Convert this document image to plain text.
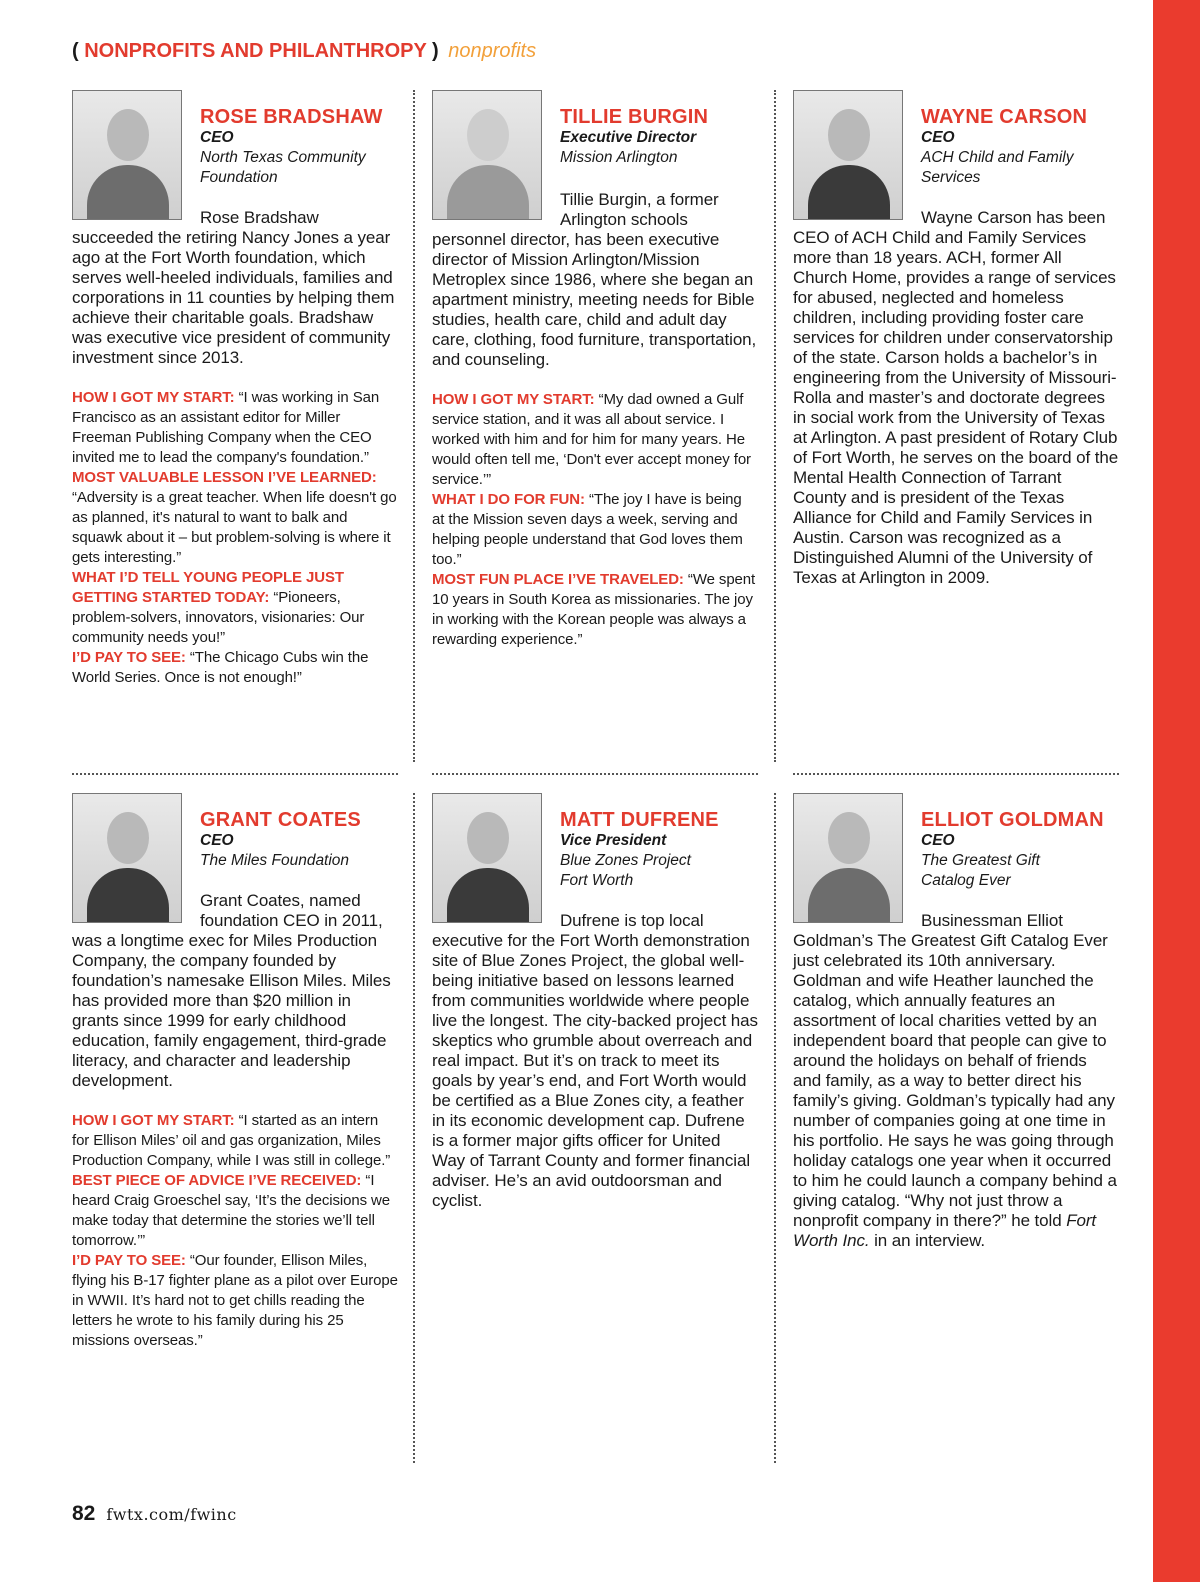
( NONPROFITS AND PHILANTHROPY ) nonprofits
ROSE BRADSHAW
CEO
North Texas Community
Foundation
Rose Bradshaw succeeded the retiring Nancy Jones a year ago at the Fort Worth foundation, which serves well-heeled individuals, families and corporations in 11 counties by helping them achieve their charitable goals. Bradshaw was executive vice president of community investment since 2013.
HOW I GOT MY START: “I was working in San Francisco as an assistant editor for Miller Freeman Publishing Company when the CEO invited me to lead the company's foundation.”
MOST VALUABLE LESSON I’VE LEARNED: “Adversity is a great teacher. When life doesn't go as planned, it's natural to want to balk and squawk about it – but problem-solving is where it gets interesting.”
WHAT I’D TELL YOUNG PEOPLE JUST GETTING STARTED TODAY: “Pioneers, problem-solvers, innovators, visionaries: Our community needs you!”
I’D PAY TO SEE: “The Chicago Cubs win the World Series. Once is not enough!”
TILLIE BURGIN
Executive Director
Mission Arlington
Tillie Burgin, a former Arlington schools personnel director, has been executive director of Mission Arlington/Mission Metroplex since 1986, where she began an apartment ministry, meeting needs for Bible studies, health care, child and adult day care, clothing, food furniture, transportation, and counseling.
HOW I GOT MY START: “My dad owned a Gulf service station, and it was all about service. I worked with him and for him for many years. He would often tell me, ‘Don't ever accept money for service.’”
WHAT I DO FOR FUN: “The joy I have is being at the Mission seven days a week, serving and helping people understand that God loves them too.”
MOST FUN PLACE I’VE TRAVELED: “We spent 10 years in South Korea as missionaries. The joy in working with the Korean people was always a rewarding experience.”
WAYNE CARSON
CEO
ACH Child and Family
Services
Wayne Carson has been CEO of ACH Child and Family Services more than 18 years. ACH, former All Church Home, provides a range of services for abused, neglected and homeless children, including providing foster care services for children under conservatorship of the state. Carson holds a bachelor’s in engineering from the University of Missouri-Rolla and master’s and doctorate degrees in social work from the University of Texas at Arlington. A past president of Rotary Club of Fort Worth, he serves on the board of the Mental Health Connection of Tarrant County and is president of the Texas Alliance for Child and Family Services in Austin. Carson was recognized as a Distinguished Alumni of the University of Texas at Arlington in 2009.
GRANT COATES
CEO
The Miles Foundation
Grant Coates, named foundation CEO in 2011, was a longtime exec for Miles Production Company, the company founded by foundation’s namesake Ellison Miles. Miles has provided more than $20 million in grants since 1999 for early childhood education, family engagement, third-grade literacy, and character and leadership development.
HOW I GOT MY START: “I started as an intern for Ellison Miles’ oil and gas organization, Miles Production Company, while I was still in college.”
BEST PIECE OF ADVICE I’VE RECEIVED: “I heard Craig Groeschel say, ‘It’s the decisions we make today that determine the stories we’ll tell tomorrow.’”
I’D PAY TO SEE: “Our founder, Ellison Miles, flying his B-17 fighter plane as a pilot over Europe in WWII. It’s hard not to get chills reading the letters he wrote to his family during his 25 missions overseas.”
MATT DUFRENE
Vice President
Blue Zones Project
Fort Worth
Dufrene is top local executive for the Fort Worth demonstration site of Blue Zones Project, the global well-being initiative based on lessons learned from communities worldwide where people live the longest. The city-backed project has skeptics who grumble about overreach and real impact. But it’s on track to meet its goals by year’s end, and Fort Worth would be certified as a Blue Zones city, a feather in its economic development cap. Dufrene is a former major gifts officer for United Way of Tarrant County and former financial adviser. He’s an avid outdoorsman and cyclist.
ELLIOT GOLDMAN
CEO
The Greatest Gift
Catalog Ever
Businessman Elliot Goldman’s The Greatest Gift Catalog Ever just celebrated its 10th anniversary. Goldman and wife Heather launched the catalog, which annually features an assortment of local charities vetted by an independent board that people can give to around the holidays on behalf of friends and family, as a way to better direct his family’s giving. Goldman’s typically had any number of companies going at one time in his portfolio. He says he was going through holiday catalogs one year when it occurred to him he could launch a company behind a giving catalog. “Why not just throw a nonprofit company in there?” he told Fort Worth Inc. in an interview.
82 fwtx.com/fwinc
